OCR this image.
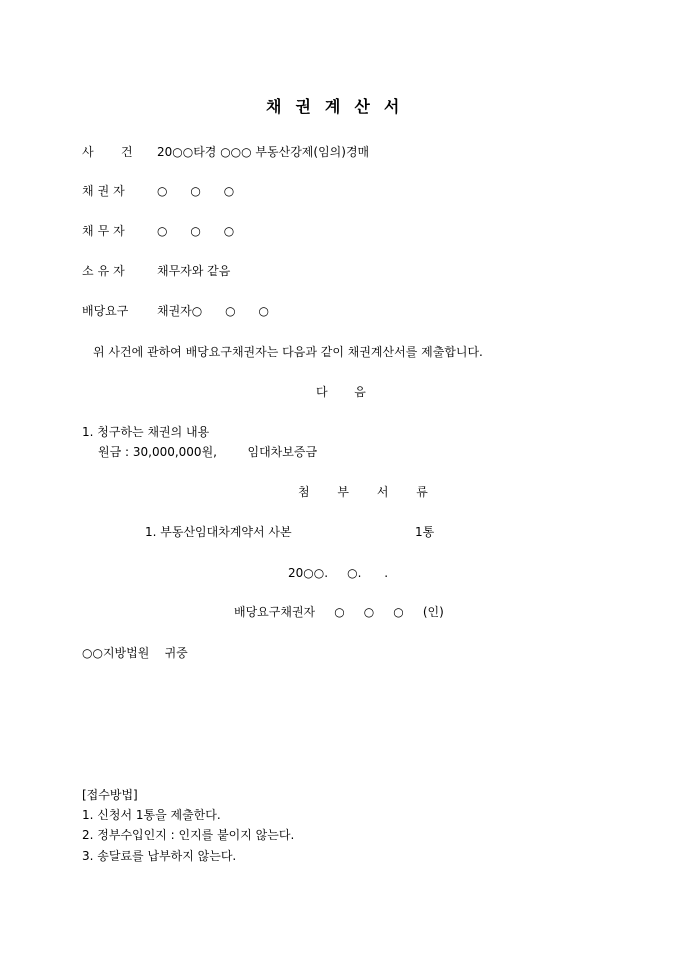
채권계산서
사   건 20○○타경 ○○○ 부동산강제(임의)경매
채권자 ○      ○      ○
채무자 ○      ○      ○
소유자 채무자와 같음
배당요구 채권자○      ○      ○
위 사건에 관하여 배당요구채권자는 다음과 같이 채권계산서를 제출합니다.
다       음
1. 청구하는 채권의 내용
원금 : 30,000,000원,        임대차보증금
첨 부 서 류
1. 부동산임대차계약서 사본	1통
20○○.     ○.      .
배당요구채권자     ○     ○     ○     (인)
○○지방법원    귀중
[접수방법]
1. 신청서 1통을 제출한다.
2. 정부수입인지 : 인지를 붙이지 않는다.
3. 송달료를 납부하지 않는다.
